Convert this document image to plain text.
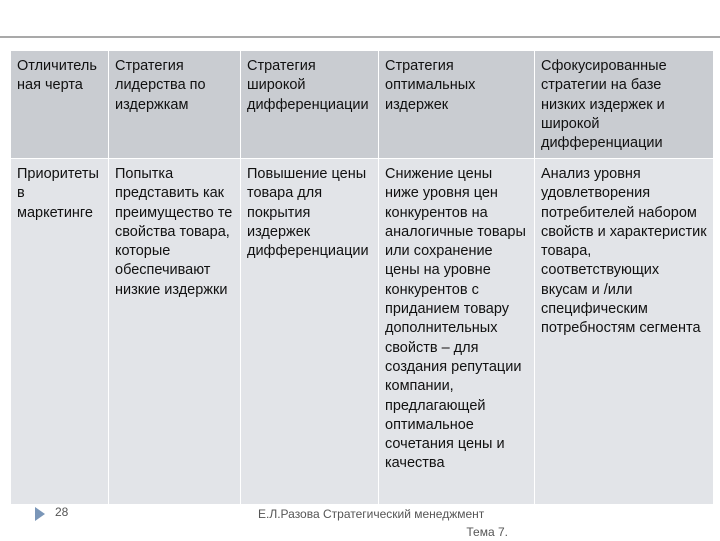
Отличительная черта	Стратегия лидерства по издержкам	Стратегия широкой дифференциации	Стратегия оптимальных издержек	Сфокусированные стратегии на базе низких издержек и широкой дифференциации
Приоритеты в маркетинге	Попытка представить как преимущество те свойства товара, которые обеспечивают низкие издержки	Повышение цены товара для покрытия издержек дифференциации	Снижение цены ниже уровня цен конкурентов на аналогичные товары или сохранение цены на уровне конкурентов с приданием товару дополнительных свойств – для создания репутации компании, предлагающей оптимальное сочетания цены и качества	Анализ уровня удовлетворения потребителей набором свойств и характеристик товара, соответствующих вкусам и /или специфическим потребностям сегмента
28	Е.Л.Разова Стратегический менеджмент
Тема 7.
